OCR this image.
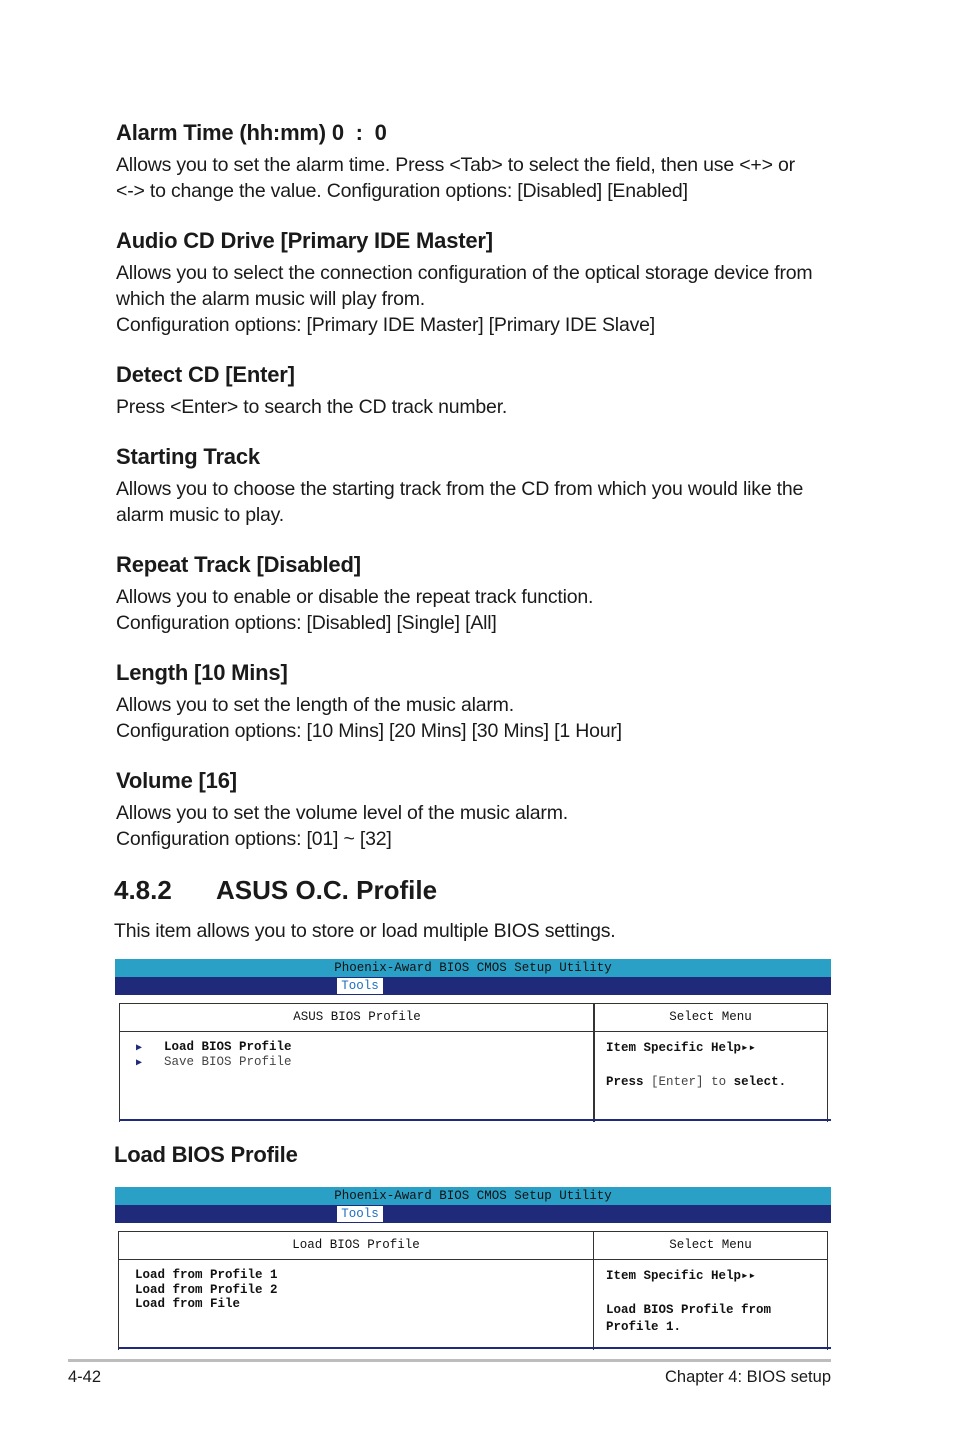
Alarm Time (hh:mm) 0  :  0

Allows you to set the alarm time. Press <Tab> to select the field, then use <+> or
<-> to change the value. Configuration options: [Disabled] [Enabled]

Audio CD Drive [Primary IDE Master]

Allows you to select the connection configuration of the optical storage device from
which the alarm music will play from.
Configuration options: [Primary IDE Master] [Primary IDE Slave]

Detect CD [Enter]

Press <Enter> to search the CD track number.

Starting Track

Allows you to choose the starting track from the CD from which you would like the
alarm music to play.

Repeat Track [Disabled]

Allows you to enable or disable the repeat track function.
Configuration options: [Disabled] [Single] [All]

Length [10 Mins]

Allows you to set the length of the music alarm.
Configuration options: [10 Mins] [20 Mins] [30 Mins] [1 Hour]

Volume [16]

Allows you to set the volume level of the music alarm.
Configuration options: [01] ~ [32]

4.8.2 ASUS O.C. Profile

This item allows you to store or load multiple BIOS settings.

Phoenix-Award BIOS CMOS Setup Utility
Tools
ASUS BIOS Profile
▶ Load BIOS Profile
▶ Save BIOS Profile
Select Menu
Item Specific Help▸▸
Press [Enter] to select.
Load BIOS Profile
Phoenix-Award BIOS CMOS Setup Utility
Tools
Load BIOS Profile
Load from Profile 1
Load from Profile 2
Load from File
Select Menu
Item Specific Help▸▸
Load BIOS Profile from
Profile 1.
4-42	Chapter 4: BIOS setup
